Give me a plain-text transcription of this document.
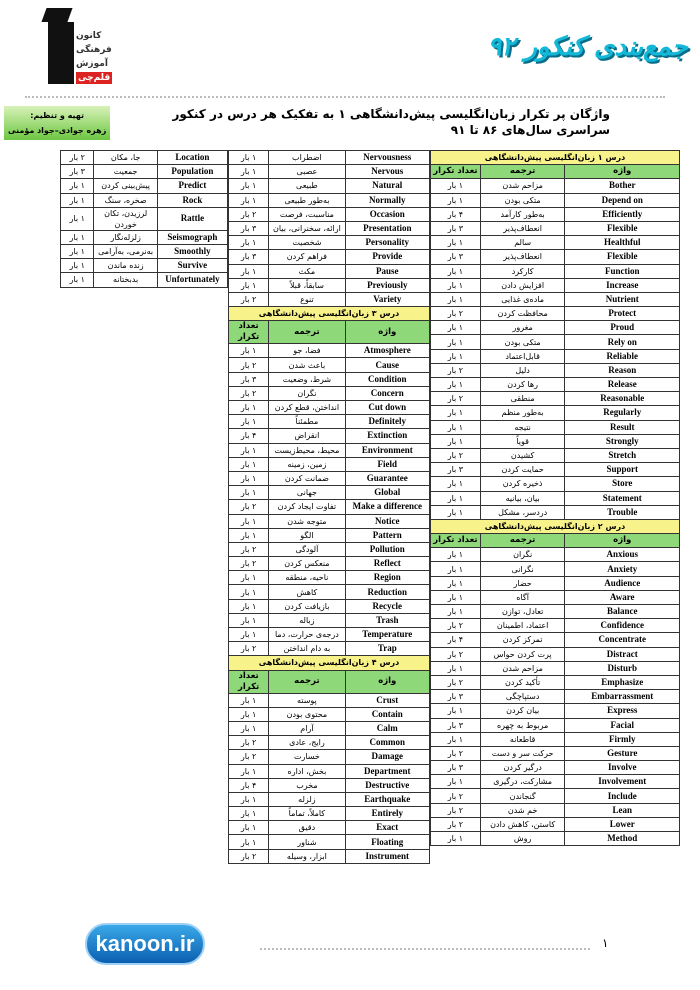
جمع‌بندی کنکور ۹۲
کانون
فرهنگی
آموزش
قلم‌چی
تهیه و تنظیم:
زهره جوادی–جواد مؤمنی
واژگان پر تکرار زبان‌انگلیسی پیش‌دانشگاهی ۱ به تفکیک هر درس در کنکور سراسری سال‌های ۸۶ تا ۹۱
درس ۱ زبان‌انگلیسی پیش‌دانشگاهی		
واژه	ترجمه	تعداد تکرار
Bother	مزاحم شدن	۱ بار
Depend on	متکی بودن	۱ بار
Efficiently	به‌طور کارآمد	۴ بار
Flexible	انعطاف‌پذیر	۳ بار
Healthful	سالم	۱ بار
Flexible	انعطاف‌پذیر	۳ بار
Function	کارکرد	۱ بار
Increase	افزایش دادن	۱ بار
Nutrient	ماده‌ی غذایی	۱ بار
Protect	محافظت کردن	۲ بار
Proud	مغرور	۱ بار
Rely on	متکی بودن	۱ بار
Reliable	قابل‌اعتماد	۱ بار
Reason	دلیل	۲ بار
Release	رها کردن	۱ بار
Reasonable	منطقی	۲ بار
Regularly	به‌طور منظم	۱ بار
Result	نتیجه	۱ بار
Strongly	قویاً	۱ بار
Stretch	کشیدن	۲ بار
Support	حمایت کردن	۳ بار
Store	ذخیره کردن	۱ بار
Statement	بیان، بیانیه	۱ بار
Trouble	دردسر، مشکل	۱ بار
درس ۲ زبان‌انگلیسی پیش‌دانشگاهی		
واژه	ترجمه	تعداد تکرار
Anxious	نگران	۱ بار
Anxiety	نگرانی	۱ بار
Audience	حضار	۱ بار
Aware	آگاه	۱ بار
Balance	تعادل، توازن	۱ بار
Confidence	اعتماد، اطمینان	۲ بار
Concentrate	تمرکز کردن	۴ بار
Distract	پرت کردن حواس	۲ بار
Disturb	مزاحم شدن	۱ بار
Emphasize	تأکید کردن	۲ بار
Embarrassment	دستپاچگی	۳ بار
Express	بیان کردن	۱ بار
Facial	مربوط به چهره	۳ بار
Firmly	قاطعانه	۱ بار
Gesture	حرکت سر و دست	۲ بار
Involve	درگیر کردن	۳ بار
Involvement	مشارکت، درگیری	۱ بار
Include	گنجاندن	۲ بار
Lean	خم شدن	۲ بار
Lower	کاستن، کاهش دادن	۲ بار
Method	روش	۱ بار
Nervousness	اضطراب	۱ بار
Nervous	عصبی	۱ بار
Natural	طبیعی	۱ بار
Normally	به‌طور طبیعی	۱ بار
Occasion	مناسبت، فرصت	۲ بار
Presentation	ارائه، سخنرانی، بیان	۳ بار
Personality	شخصیت	۱ بار
Provide	فراهم کردن	۳ بار
Pause	مکث	۱ بار
Previously	سابقاً، قبلاً	۱ بار
Variety	تنوع	۲ بار
درس ۳ زبان‌انگلیسی پیش‌دانشگاهی		
واژه	ترجمه	تعداد تکرار
Atmosphere	فضا، جو	۱ بار
Cause	باعث شدن	۲ بار
Condition	شرط، وضعیت	۳ بار
Concern	نگران	۲ بار
Cut down	انداختن، قطع کردن	۱ بار
Definitely	مطمئناً	۱ بار
Extinction	انقراض	۴ بار
Environment	محیط، محیط‌زیست	۱ بار
Field	زمین، زمینه	۱ بار
Guarantee	ضمانت کردن	۱ بار
Global	جهانی	۱ بار
Make a difference	تفاوت ایجاد کردن	۲ بار
Notice	متوجه شدن	۱ بار
Pattern	الگو	۱ بار
Pollution	آلودگی	۲ بار
Reflect	منعکس کردن	۲ بار
Region	ناحیه، منطقه	۱ بار
Reduction	کاهش	۱ بار
Recycle	بازیافت کردن	۱ بار
Trash	زباله	۱ بار
Temperature	درجه‌ی حرارت، دما	۱ بار
Trap	به دام انداختن	۲ بار
درس ۴ زبان‌انگلیسی پیش‌دانشگاهی		
واژه	ترجمه	تعداد تکرار
Crust	پوسته	۱ بار
Contain	محتوی بودن	۱ بار
Calm	آرام	۱ بار
Common	رایج، عادی	۲ بار
Damage	خسارت	۲ بار
Department	بخش، اداره	۱ بار
Destructive	مخرب	۴ بار
Earthquake	زلزله	۱ بار
Entirely	کاملاً، تماماً	۱ بار
Exact	دقیق	۱ بار
Floating	شناور	۱ بار
Instrument	ابزار، وسیله	۲ بار
Location	جا، مکان	۲ بار
Population	جمعیت	۳ بار
Predict	پیش‌بینی کردن	۱ بار
Rock	صخره، سنگ	۱ بار
Rattle	لرزیدن، تکان خوردن	۱ بار
Seismograph	زلزله‌نگار	۱ بار
Smoothly	به‌نرمی، به‌آرامی	۱ بار
Survive	زنده ماندن	۱ بار
Unfortunately	بدبختانه	۱ بار
kanoon.ir	۱
